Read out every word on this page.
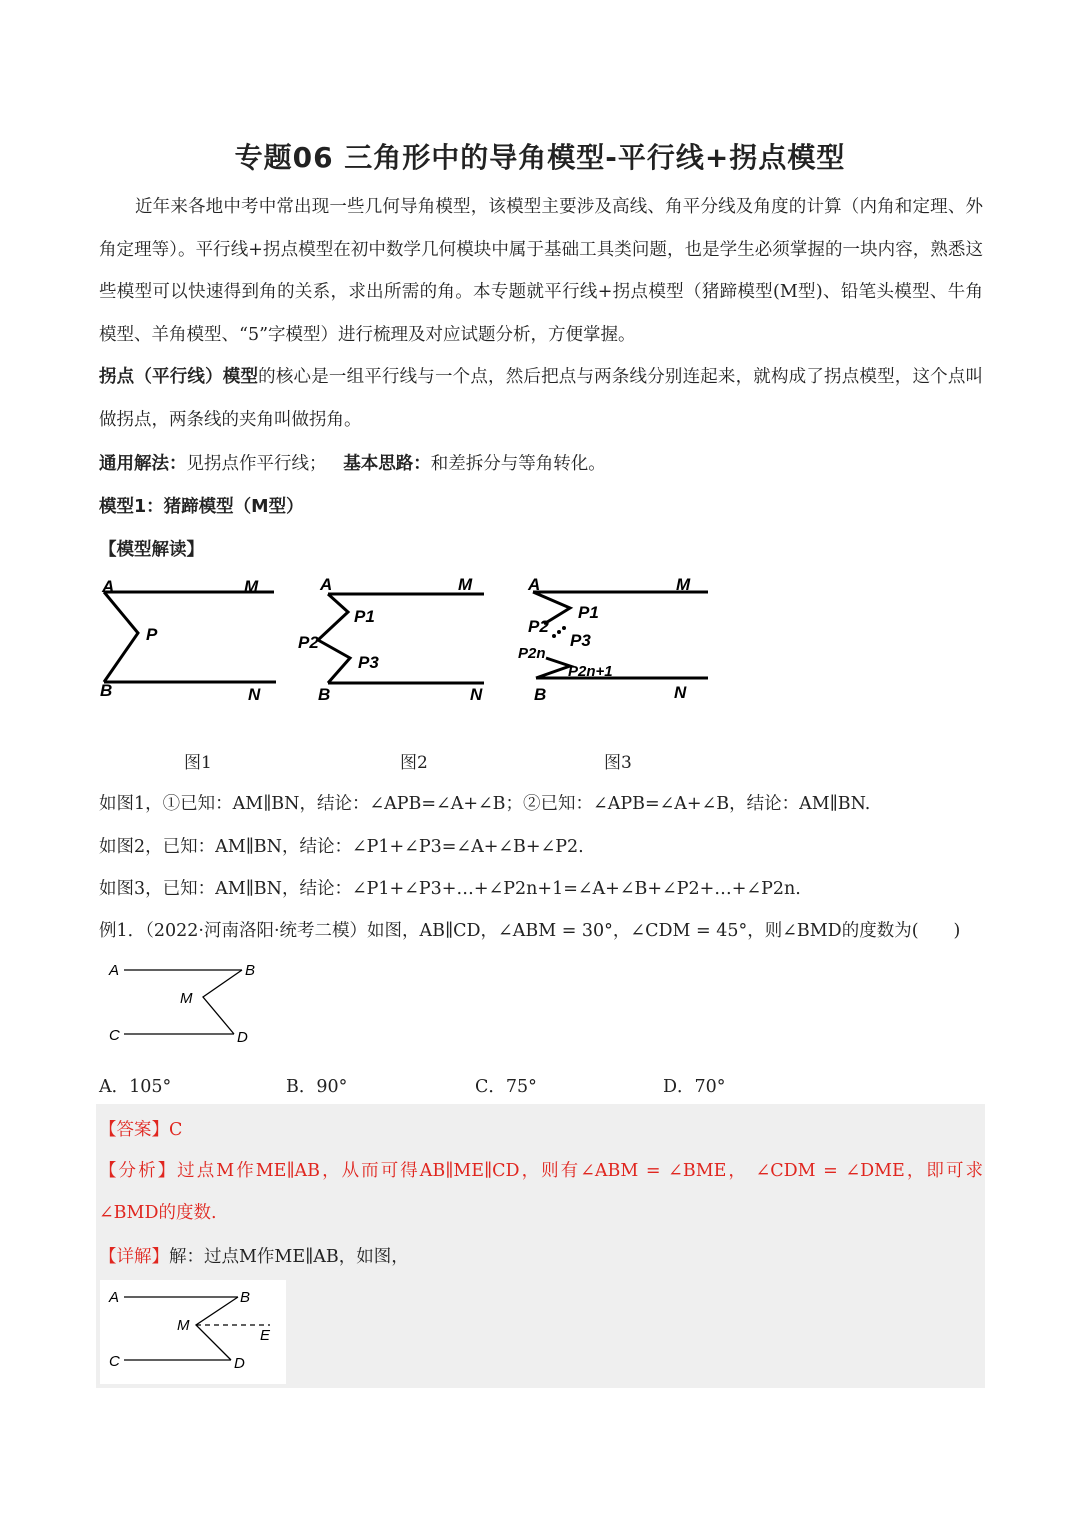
专题06 三角形中的导角模型-平行线+拐点模型
近年来各地中考中常出现一些几何导角模型，该模型主要涉及高线、角平分线及角度的计算（内角和定理、外角定理等）。平行线+拐点模型在初中数学几何模块中属于基础工具类问题，也是学生必须掌握的一块内容，熟悉这些模型可以快速得到角的关系，求出所需的角。本专题就平行线+拐点模型（猪蹄模型(M型)、铅笔头模型、牛角模型、羊角模型、“5”字模型）进行梳理及对应试题分析，方便掌握。
拐点（平行线）模型的核心是一组平行线与一个点，然后把点与两条线分别连起来，就构成了拐点模型，这个点叫做拐点，两条线的夹角叫做拐角。
通用解法：见拐点作平行线； 基本思路：和差拆分与等角转化。
模型1：猪蹄模型（M型）
【模型解读】
A	M
P
B	N
A	M
P1
P2
P3
B	N
A	M
P1
P2
P3
P2n
P2n+1
B	N
图1	图2	图3
如图1，①已知：AM∥BN，结论：∠APB=∠A+∠B；②已知：∠APB=∠A+∠B，结论：AM∥BN.
如图2，已知：AM∥BN，结论：∠P1+∠P3=∠A+∠B+∠P2.
如图3，已知：AM∥BN，结论：∠P1+∠P3+…+∠P2n+1=∠A+∠B+∠P2+…+∠P2n.
例1．（2022·河南洛阳·统考二模）如图，AB∥CD，∠ABM = 30°，∠CDM = 45°，则∠BMD的度数为(　　)
A	B
M
C	D
A．105°	B．90°	C．75°	D．70°
【答案】C
【分析】过点M作ME∥AB，从而可得AB∥ME∥CD，则有∠ABM = ∠BME， ∠CDM = ∠DME，即可求∠BMD的度数.
【详解】解：过点M作ME∥AB，如图，
A	B
M
E
C	D
